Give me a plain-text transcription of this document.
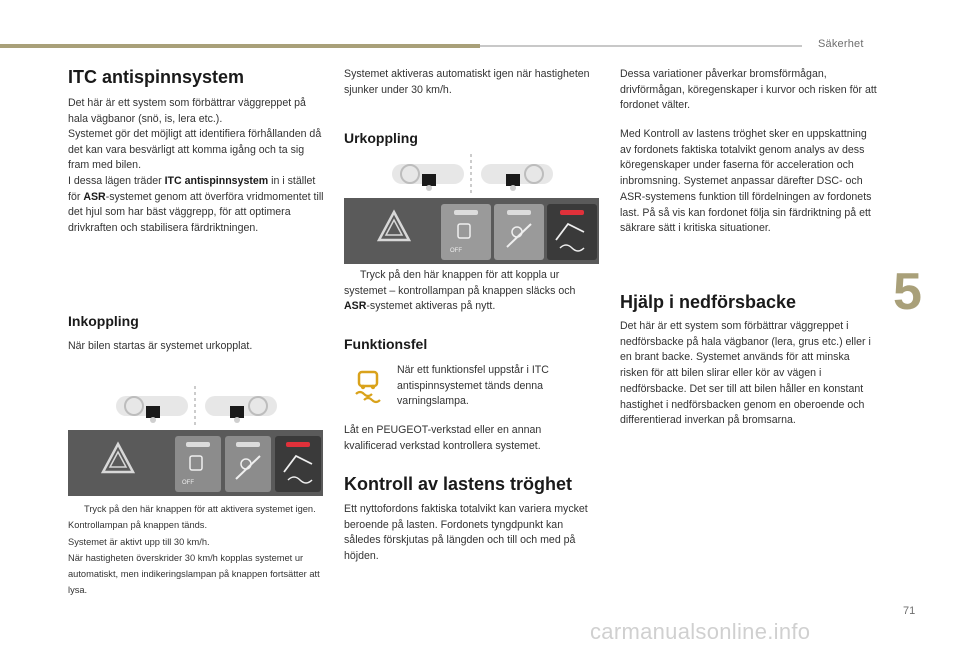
Säkerhet
5
71
ITC antispinnsystem

Det här är ett system som förbättrar väggreppet på hala vägbanor (snö, is, lera etc.).

Systemet gör det möjligt att identifiera förhållanden då det kan vara besvärligt att komma igång och ta sig fram med bilen.

I dessa lägen träder ITC antispinnsystem in i stället för ASR-systemet genom att överföra vridmomentet till det hjul som har bäst väggrepp, för att optimera drivkraften och stabilisera färdriktningen.

Inkoppling

När bilen startas är systemet urkopplat.

OFF

Tryck på den här knappen för att aktivera systemet igen. Kontrollampan på knappen tänds.

Systemet är aktivt upp till 30 km/h.

När hastigheten överskrider 30 km/h kopplas systemet ur automatiskt, men indikeringslampan på knappen fortsätter att lysa.

Systemet aktiveras automatiskt igen när hastigheten sjunker under 30 km/h.

Urkoppling
OFF

Tryck på den här knappen för att koppla ur systemet – kontrollampan på knappen släcks och ASR-systemet aktiveras på nytt.

Funktionsfel

När ett funktionsfel uppstår i ITC antispinnsystemet tänds denna varningslampa.

Låt en PEUGEOT-verkstad eller en annan kvalificerad verkstad kontrollera systemet.

Kontroll av lastens tröghet

Ett nyttofordons faktiska totalvikt kan variera mycket beroende på lasten. Fordonets tyngdpunkt kan således förskjutas på längden och till och med på höjden.

Dessa variationer påverkar bromsförmågan, drivförmågan, köregenskaper i kurvor och risken för att fordonet välter.

Med Kontroll av lastens tröghet sker en uppskattning av fordonets faktiska totalvikt genom analys av dess köregenskaper under faserna för acceleration och inbromsning. Systemet anpassar därefter DSC- och ASR-systemens funktion till fördelningen av fordonets last. På så vis kan fordonet följa sin färdriktning på ett säkrare sätt i kritiska situationer.

Hjälp i nedförsbacke

Det här är ett system som förbättrar väggreppet i nedförsbacke på hala vägbanor (lera, grus etc.) eller i en brant backe. Systemet används för att minska risken för att bilen slirar eller kör av vägen i nedförsbacke. Det ser till att bilen håller en konstant hastighet i nedförsbacken genom en oberoende och differentierad inverkan på bromsarna.

carmanualsonline.info
